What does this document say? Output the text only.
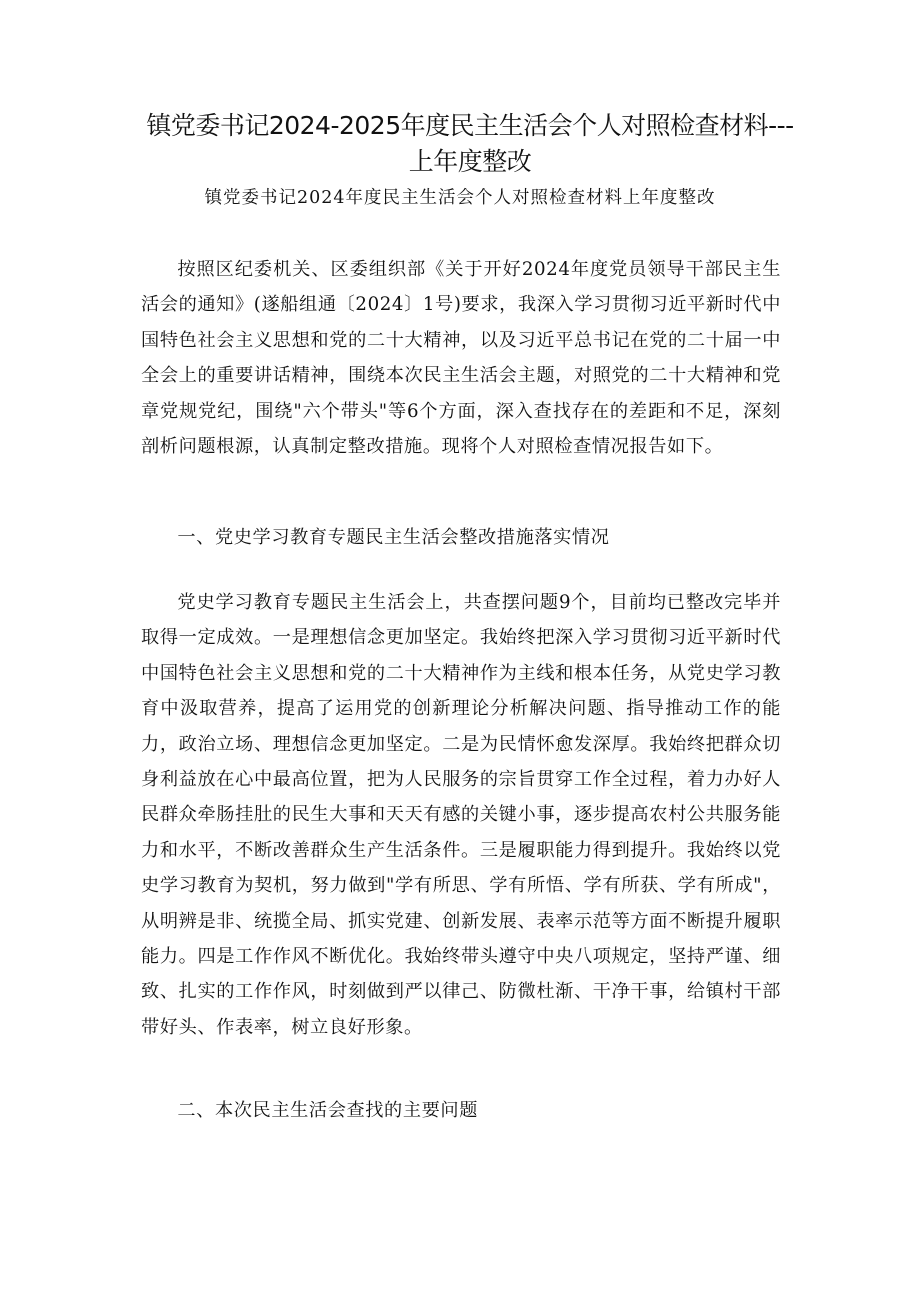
镇党委书记2024-2025年度民主生活会个人对照检查材料---上年度整改
镇党委书记2024年度民主生活会个人对照检查材料上年度整改

按照区纪委机关、区委组织部《关于开好2024年度党员领导干部民主生活会的通知》(遂船组通〔2024〕1号)要求，我深入学习贯彻习近平新时代中国特色社会主义思想和党的二十大精神，以及习近平总书记在党的二十届一中全会上的重要讲话精神，围绕本次民主生活会主题，对照党的二十大精神和党章党规党纪，围绕"六个带头"等6个方面，深入查找存在的差距和不足，深刻剖析问题根源，认真制定整改措施。现将个人对照检查情况报告如下。

一、党史学习教育专题民主生活会整改措施落实情况

党史学习教育专题民主生活会上，共查摆问题9个，目前均已整改完毕并取得一定成效。一是理想信念更加坚定。我始终把深入学习贯彻习近平新时代中国特色社会主义思想和党的二十大精神作为主线和根本任务，从党史学习教育中汲取营养，提高了运用党的创新理论分析解决问题、指导推动工作的能力，政治立场、理想信念更加坚定。二是为民情怀愈发深厚。我始终把群众切身利益放在心中最高位置，把为人民服务的宗旨贯穿工作全过程，着力办好人民群众牵肠挂肚的民生大事和天天有感的关键小事，逐步提高农村公共服务能力和水平，不断改善群众生产生活条件。三是履职能力得到提升。我始终以党史学习教育为契机，努力做到"学有所思、学有所悟、学有所获、学有所成"，从明辨是非、统揽全局、抓实党建、创新发展、表率示范等方面不断提升履职能力。四是工作作风不断优化。我始终带头遵守中央八项规定，坚持严谨、细致、扎实的工作作风，时刻做到严以律己、防微杜渐、干净干事，给镇村干部带好头、作表率，树立良好形象。

二、本次民主生活会查找的主要问题
